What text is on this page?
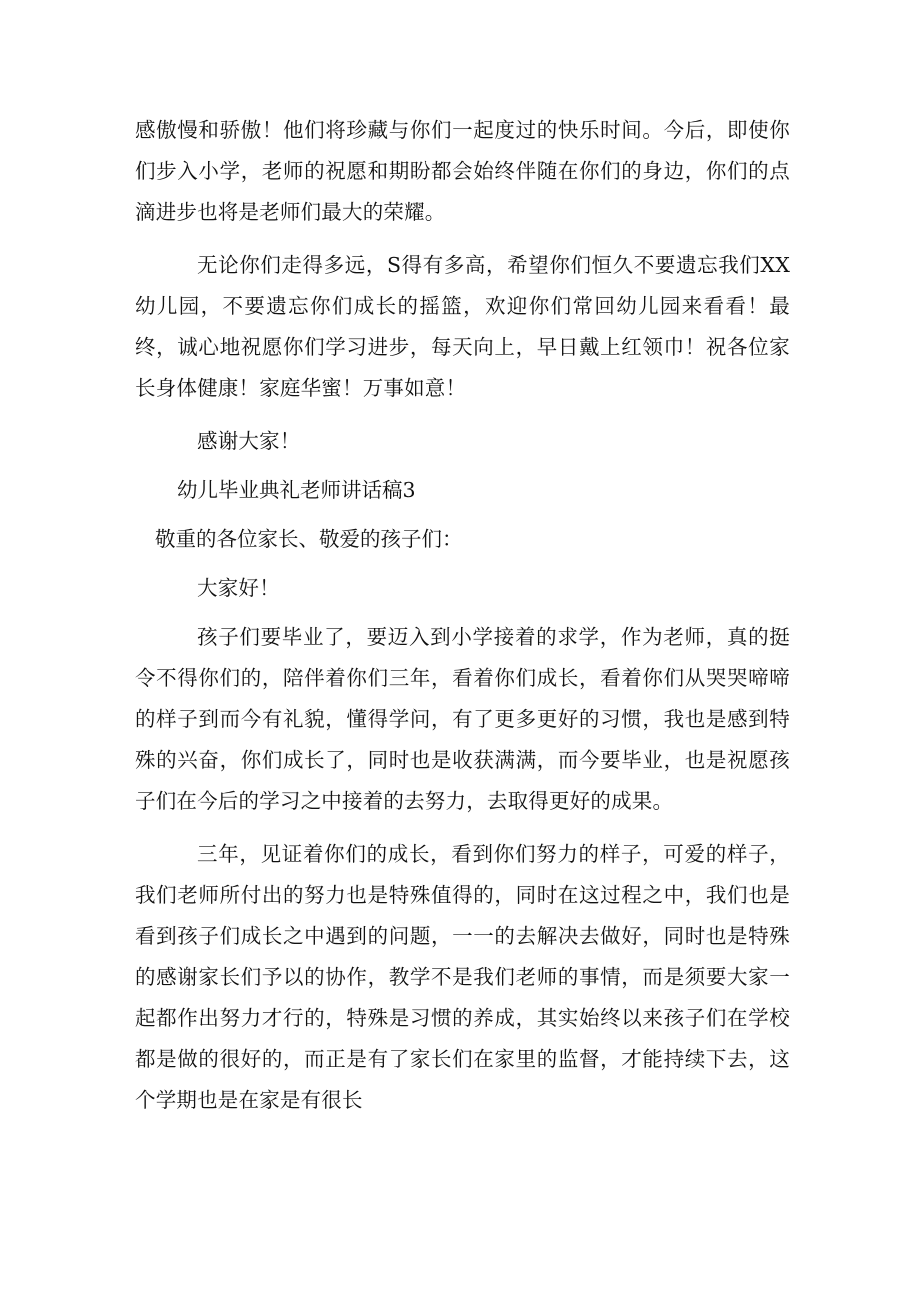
感傲慢和骄傲！他们将珍藏与你们一起度过的快乐时间。今后，即使你们步入小学，老师的祝愿和期盼都会始终伴随在你们的身边，你们的点滴进步也将是老师们最大的荣耀。

无论你们走得多远，S得有多高，希望你们恒久不要遗忘我们XX幼儿园，不要遗忘你们成长的摇篮，欢迎你们常回幼儿园来看看！最终，诚心地祝愿你们学习进步，每天向上，早日戴上红领巾！祝各位家长身体健康！家庭华蜜！万事如意！

感谢大家！

幼儿毕业典礼老师讲话稿3

敬重的各位家长、敬爱的孩子们：

大家好！

孩子们要毕业了，要迈入到小学接着的求学，作为老师，真的挺令不得你们的，陪伴着你们三年，看着你们成长，看着你们从哭哭啼啼的样子到而今有礼貌，懂得学问，有了更多更好的习惯，我也是感到特殊的兴奋，你们成长了，同时也是收获满满，而今要毕业，也是祝愿孩子们在今后的学习之中接着的去努力，去取得更好的成果。

三年，见证着你们的成长，看到你们努力的样子，可爱的样子，我们老师所付出的努力也是特殊值得的，同时在这过程之中，我们也是看到孩子们成长之中遇到的问题，一一的去解决去做好，同时也是特殊的感谢家长们予以的协作，教学不是我们老师的事情，而是须要大家一起都作出努力才行的，特殊是习惯的养成，其实始终以来孩子们在学校都是做的很好的，而正是有了家长们在家里的监督，才能持续下去，这个学期也是在家是有很长
